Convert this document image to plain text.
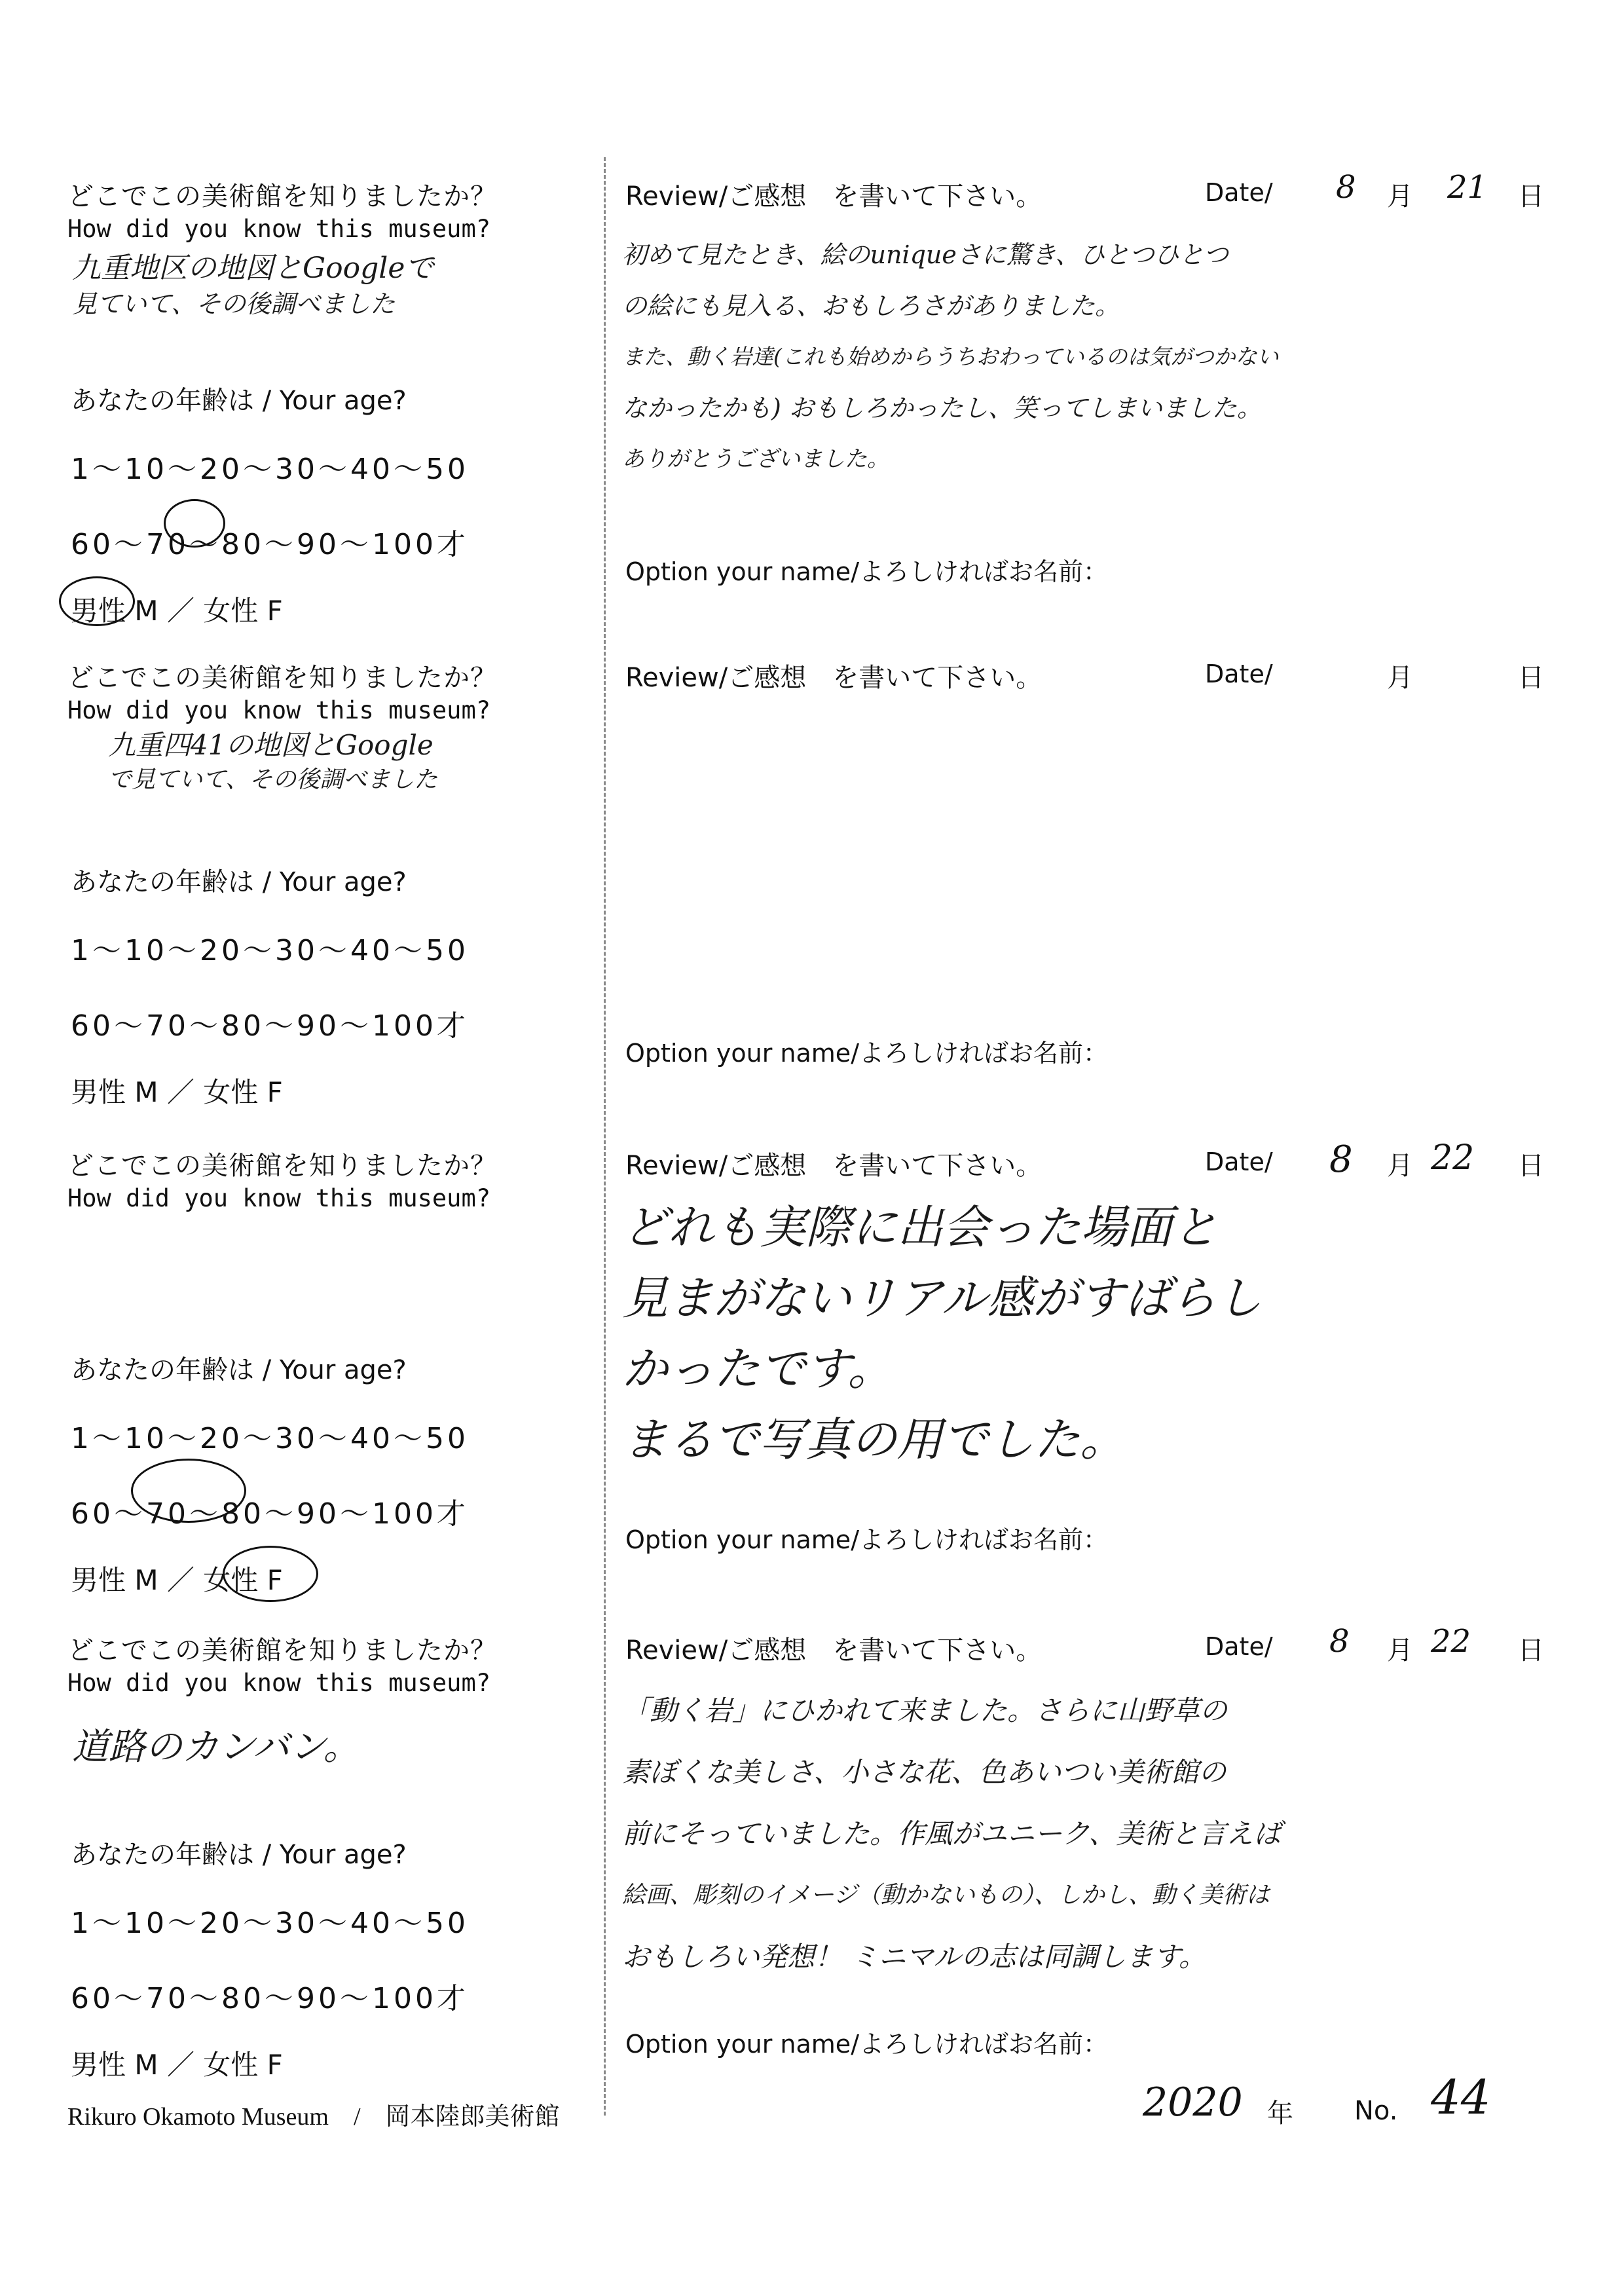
どこでこの美術館を知りましたか？
How did you know this museum?
九重地区の地図とGoogleで
見ていて、その後調べました
あなたの年齢は / Your age?
1～10～20～30～40～50
60～70～80～90～100才
男性 M ／ 女性 F
Review/ご感想　を書いて下さい。	Date/ 8 月 21 日
初めて見たとき、絵のuniqueさに驚き、ひとつひとつ
の絵にも見入る、おもしろさがありました。
また、動く岩達(これも始めからうちおわっているのは気がつかない
なかったかも) おもしろかったし、笑ってしまいました。
ありがとうございました。
Option your name/よろしければお名前：
どこでこの美術館を知りましたか？
How did you know this museum?
九重四41の地図とGoogle
で見ていて、その後調べました
あなたの年齢は / Your age?
1～10～20～30～40～50
60～70～80～90～100才
男性 M ／ 女性 F
Review/ご感想　を書いて下さい。	Date/	月	日
Option your name/よろしければお名前：
どこでこの美術館を知りましたか？
How did you know this museum?
あなたの年齢は / Your age?
1～10～20～30～40～50
60～70～80～90～100才
男性 M ／ 女性 F
Review/ご感想　を書いて下さい。	Date/ 8 月 22 日
どれも実際に出会った場面と
見まがないリアル感がすばらし
かったです。
まるで写真の用でした。
Option your name/よろしければお名前：
どこでこの美術館を知りましたか？
How did you know this museum?
道路のカンバン。
あなたの年齢は / Your age?
1～10～20～30～40～50
60～70～80～90～100才
男性 M ／ 女性 F
Review/ご感想　を書いて下さい。	Date/ 8 月 22 日
「動く岩」にひかれて来ました。さらに山野草の
素ぼくな美しさ、小さな花、色あいつい美術館の
前にそっていました。作風がユニーク、美術と言えば
絵画、彫刻のイメージ（動かないもの）、しかし、動く美術は
おもしろい発想！ ミニマルの志は同調します。
Option your name/よろしければお名前：
Rikuro Okamoto Museum　/　岡本陸郎美術館	2020 年 No. 44
